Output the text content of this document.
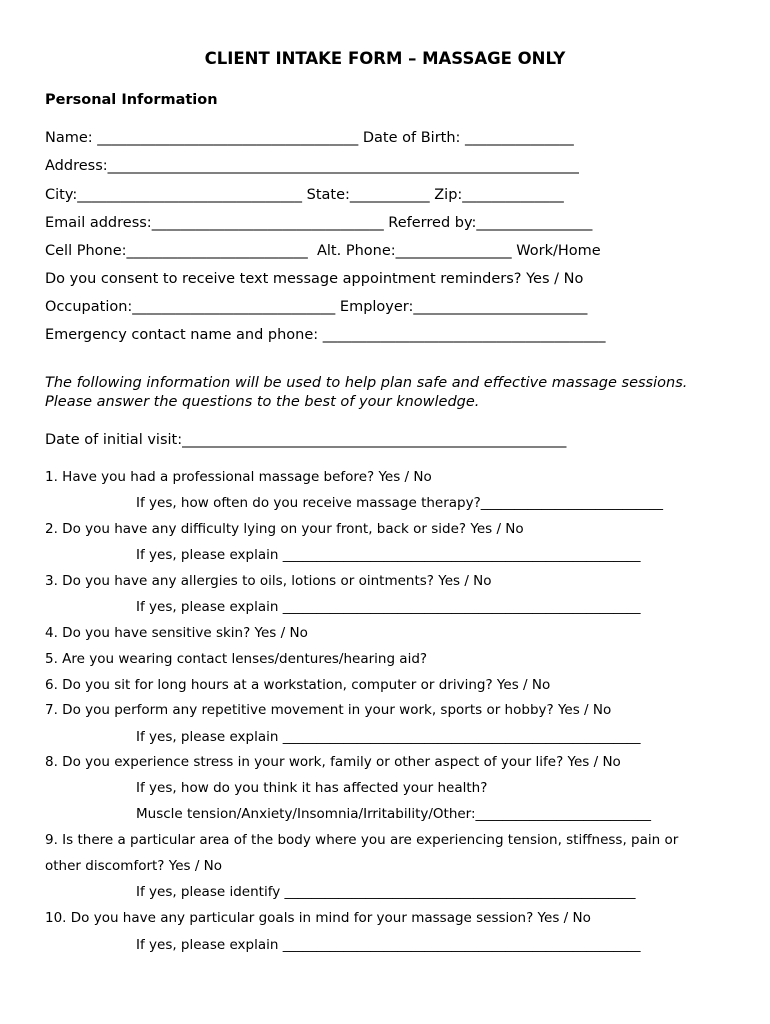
CLIENT INTAKE FORM – MASSAGE ONLY
Personal Information
Name: ____________________________________ Date of Birth: _______________
Address:_________________________________________________________________
City:_______________________________ State:___________ Zip:______________
Email address:________________________________ Referred by:________________
Cell Phone:_________________________  Alt. Phone:________________ Work/Home
Do you consent to receive text message appointment reminders? Yes / No
Occupation:____________________________ Employer:________________________
Emergency contact name and phone: _______________________________________
The following information will be used to help plan safe and effective massage sessions.
Please answer the questions to the best of your knowledge.
Date of initial visit:_____________________________________________________
1. Have you had a professional massage before? Yes / No
If yes, how often do you receive massage therapy?___________________________
2. Do you have any difficulty lying on your front, back or side? Yes / No
If yes, please explain _____________________________________________________
3. Do you have any allergies to oils, lotions or ointments? Yes / No
If yes, please explain _____________________________________________________
4. Do you have sensitive skin? Yes / No
5. Are you wearing contact lenses/dentures/hearing aid?
6. Do you sit for long hours at a workstation, computer or driving? Yes / No
7. Do you perform any repetitive movement in your work, sports or hobby? Yes / No
If yes, please explain _____________________________________________________
8. Do you experience stress in your work, family or other aspect of your life? Yes / No
If yes, how do you think it has affected your health?
Muscle tension/Anxiety/Insomnia/Irritability/Other:__________________________
9. Is there a particular area of the body where you are experiencing tension, stiffness, pain or
other discomfort? Yes / No
If yes, please identify ____________________________________________________
10. Do you have any particular goals in mind for your massage session? Yes / No
If yes, please explain _____________________________________________________
